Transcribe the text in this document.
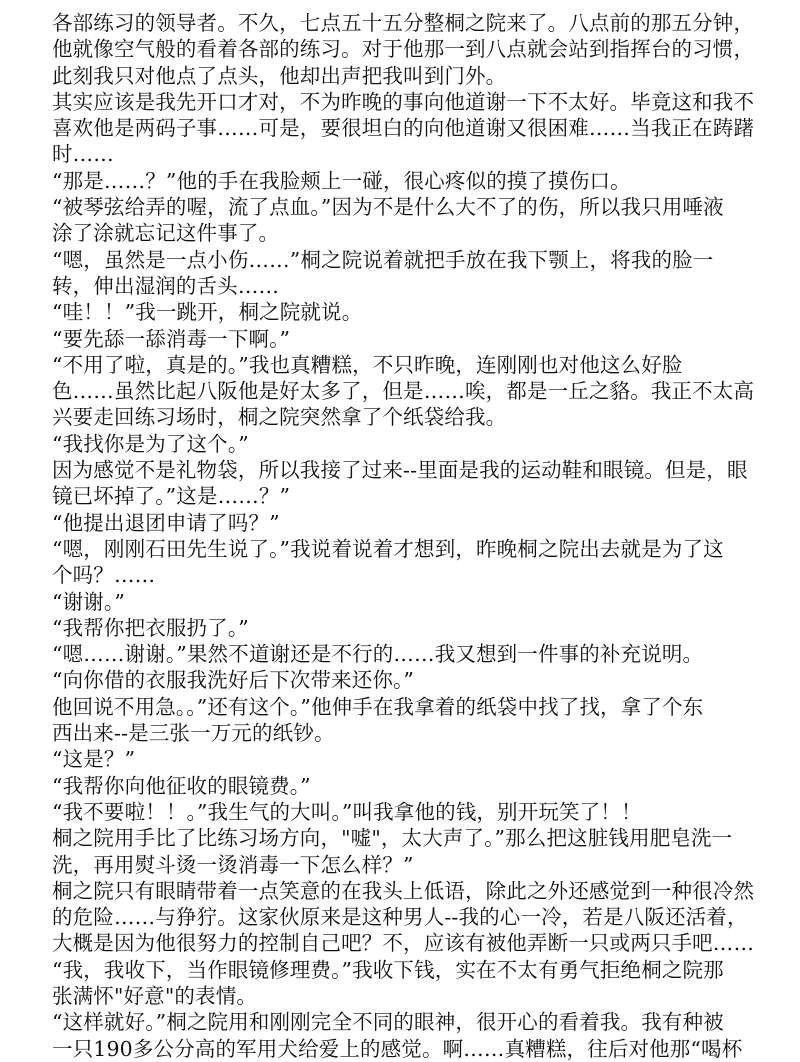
各部练习的领导者。不久，七点五十五分整桐之院来了。八点前的那五分钟，
他就像空气般的看着各部的练习。对于他那一到八点就会站到指挥台的习惯，
此刻我只对他点了点头，他却出声把我叫到门外。
其实应该是我先开口才对，不为昨晚的事向他道谢一下不太好。毕竟这和我不
喜欢他是两码子事……可是，要很坦白的向他道谢又很困难……当我正在踌躇
时……
“那是……？”他的手在我脸颊上一碰，很心疼似的摸了摸伤口。
“被琴弦给弄的喔，流了点血。”因为不是什么大不了的伤，所以我只用唾液
涂了涂就忘记这件事了。
“嗯，虽然是一点小伤……”桐之院说着就把手放在我下颚上，将我的脸一
转，伸出湿润的舌头……
“哇！！”我一跳开，桐之院就说。
“要先舔一舔消毒一下啊。”
“不用了啦，真是的。”我也真糟糕，不只昨晚，连刚刚也对他这么好脸
色……虽然比起八阪他是好太多了，但是……唉，都是一丘之貉。我正不太高
兴要走回练习场时，桐之院突然拿了个纸袋给我。
“我找你是为了这个。”
因为感觉不是礼物袋，所以我接了过来--里面是我的运动鞋和眼镜。但是，眼
镜已坏掉了。”这是……？”
“他提出退团申请了吗？”
“嗯，刚刚石田先生说了。”我说着说着才想到，昨晚桐之院出去就是为了这
个吗？……
“谢谢。”
“我帮你把衣服扔了。”
“嗯……谢谢。”果然不道谢还是不行的……我又想到一件事的补充说明。
“向你借的衣服我洗好后下次带来还你。”
他回说不用急。。”还有这个。”他伸手在我拿着的纸袋中找了找，拿了个东
西出来--是三张一万元的纸钞。
“这是？”
“我帮你向他征收的眼镜费。”
“我不要啦！！。”我生气的大叫。”叫我拿他的钱，别开玩笑了！！
桐之院用手比了比练习场方向，"嘘"，太大声了。”那么把这脏钱用肥皂洗一
洗，再用熨斗烫一烫消毒一下怎么样？”
桐之院只有眼睛带着一点笑意的在我头上低语，除此之外还感觉到一种很冷然
的危险……与狰狞。这家伙原来是这种男人--我的心一冷，若是八阪还活着，
大概是因为他很努力的控制自己吧？不，应该有被他弄断一只或两只手吧……
“我，我收下，当作眼镜修理费。”我收下钱，实在不太有勇气拒绝桐之院那
张满怀"好意"的表情。
“这样就好。”桐之院用和刚刚完全不同的眼神，很开心的看着我。我有种被
一只190多公分高的军用犬给爱上的感觉。啊……真糟糕，往后对他那“喝杯
